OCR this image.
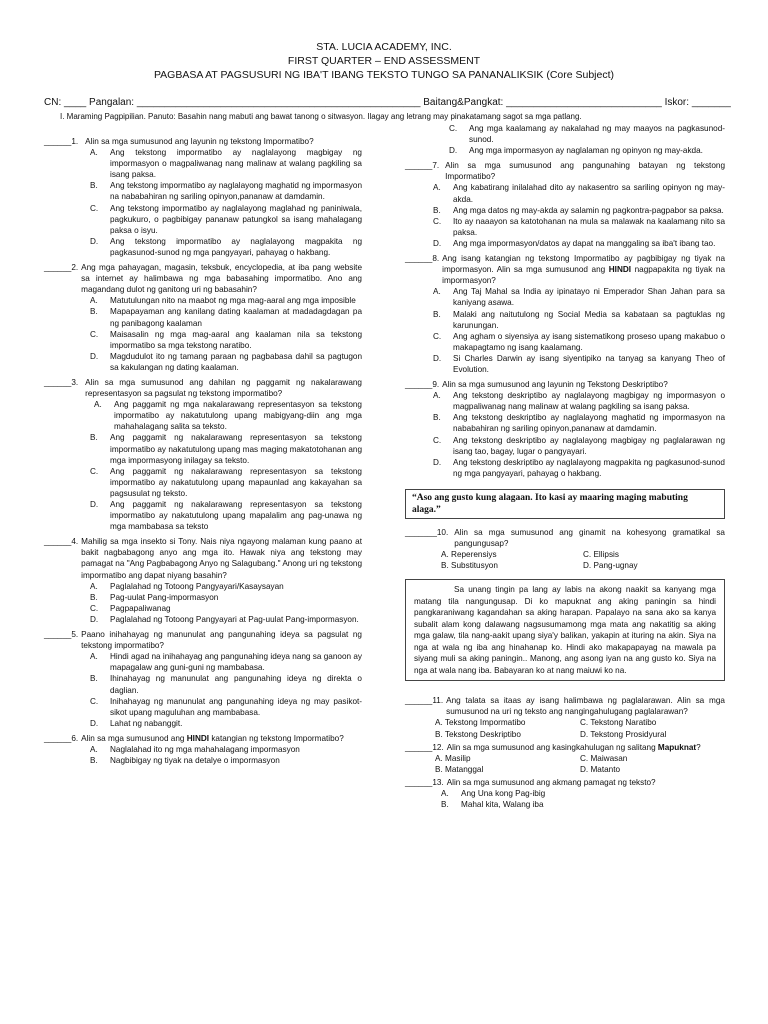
STA. LUCIA ACADEMY, INC.
FIRST QUARTER – END ASSESSMENT
PAGBASA AT PAGSUSURI NG IBA'T IBANG TEKSTO TUNGO SA PANANALIKSIK (Core Subject)
CN: ____ Pangalan: ___________________________________________________ Baitang&Pangkat: ____________________________ Iskor: _______
I. Maraming Pagpipilian. Panuto: Basahin nang mabuti ang bawat tanong o sitwasyon. Ilagay ang letrang may pinakatamang sagot sa mga patlang.
______1. Alin sa mga sumusunod ang layunin ng tekstong Impormatibo?
A.	Ang tekstong impormatibo ay naglalayong magbigay ng impormasyon o magpaliwanag nang malinaw at walang pagkiling sa isang paksa.
B.	Ang tekstong impormatibo ay naglalayong maghatid ng impormasyon na nababahiran ng sariling opinyon,pananaw at damdamin.
C.	Ang tekstong impormatibo ay naglalayong maglahad ng paniniwala, pagkukuro, o pagbibigay pananaw patungkol sa isang mahalagang paksa o isyu.
D.	Ang tekstong impormatibo ay naglalayong magpakita ng pagkasunod-sunod ng mga pangyayari, pahayag o hakbang.
______2. Ang mga pahayagan, magasin, teksbuk, encyclopedia, at iba pang website sa internet ay halimbawa ng mga babasahing impormatibo. Ano ang magandang dulot ng ganitong uri ng babasahin?
A.	Matutulungan nito na maabot ng mga mag-aaral ang mga imposible
B.	Mapapayaman ang kanilang dating kaalaman at madadagdagan pa ng panibagong kaalaman
C.	Maisasalin ng mga mag-aaral ang kaalaman nila sa tekstong impormatibo sa mga tekstong naratibo.
D.	Magdudulot ito ng tamang paraan ng pagbabasa dahil sa pagtugon sa kakulangan ng dating kaalaman.
______3. Alin sa mga sumusunod ang dahilan ng paggamit ng nakalarawang representasyon sa pagsulat ng tekstong impormatibo?
A.	Ang paggamit ng mga nakalarawang representasyon sa tekstong impormatibo ay nakatutulong upang mabigyang-diin ang mga mahahalagang salita sa teksto.
B.	Ang paggamit ng nakalarawang representasyon sa tekstong impormatibo ay nakatutulong upang mas maging makatotohanan ang mga impormasyong inilagay sa teksto.
C.	Ang paggamit ng nakalarawang representasyon sa tekstong impormatibo ay nakatutulong upang mapaunlad ang kakayahan sa pagsusulat ng teksto.
D.	Ang paggamit ng nakalarawang representasyon sa tekstong impormatibo ay nakatutulong upang mapalalim ang pag-unawa ng mga mambabasa sa teksto
______4. Mahilig sa mga insekto si Tony. Nais niya ngayong malaman kung paano at bakit nagbabagong anyo ang mga ito. Hawak niya ang tekstong may pamagat na "Ang Pagbabagong Anyo ng Salagubang." Anong uri ng tekstong impormatibo ang dapat niyang basahin?
A.	Paglalahad ng Totoong Pangyayari/Kasaysayan
B.	Pag-uulat Pang-impormasyon
C.	Pagpapaliwanag
D.	Paglalahad ng Totoong Pangyayari at Pag-uulat Pang-impormasyon.
______5. Paano inihahayag ng manunulat ang pangunahing ideya sa pagsulat ng tekstong impormatibo?
A.	Hindi agad na inihahayag ang pangunahing ideya nang sa ganoon ay mapagalaw ang guni-guni ng mambabasa.
B.	Ihinahayag ng manunulat ang pangunahing ideya ng direkta o daglian.
C.	Inihahayag ng manunulat ang pangunahing ideya ng may pasikot-sikot upang maguluhan ang mambabasa.
D.	Lahat ng nabanggit.
______6. Alin sa mga sumusunod ang HINDI katangian ng tekstong Impormatibo?
A.	Naglalahad ito ng mga mahahalagang impormasyon
B.	Nagbibigay ng tiyak na detalye o impormasyon
C.	Ang mga kaalamang ay nakalahad ng may maayos na pagkasunod-sunod.
D.	Ang mga impormasyon ay naglalaman ng opinyon ng may-akda.
______7. Alin sa mga sumusunod ang pangunahing batayan ng tekstong Impormatibo?
A.	Ang kabatirang inilalahad dito ay nakasentro sa sariling opinyon ng may-akda.
B.	Ang mga datos ng may-akda ay salamin ng pagkontra-pagpabor sa paksa.
C.	Ito ay naaayon sa katotohanan na mula sa malawak na kaalamang nito sa paksa.
D.	Ang mga impormasyon/datos ay dapat na manggaling sa iba't ibang tao.
______8. Ang isang katangian ng tekstong Impormatibo ay pagbibigay ng tiyak na impormasyon. Alin sa mga sumusunod ang HINDI nagpapakita ng tiyak na impormasyon?
A.	Ang Taj Mahal sa India ay ipinatayo ni Emperador Shan Jahan para sa kaniyang asawa.
B.	Malaki ang naitutulong ng Social Media sa kabataan sa pagtuklas ng karunungan.
C.	Ang agham o siyensiya ay isang sistematikong proseso upang makabuo o makapagtamo ng isang kaalamang.
D.	Si Charles Darwin ay isang siyentipiko na tanyag sa kanyang Theo of Evolution.
______9. Alin sa mga sumusunod ang layunin ng Tekstong Deskriptibo?
A.	Ang tekstong deskriptibo ay naglalayong magbigay ng impormasyon o magpaliwanag nang malinaw at walang pagkiling sa isang paksa.
B.	Ang tekstong deskriptibo ay naglalayong maghatid ng impormasyon na nababahiran ng sariling opinyon,pananaw at damdamin.
C.	Ang tekstong deskriptibo ay naglalayong magbigay ng paglalarawan ng isang tao, bagay, lugar o pangyayari.
D.	Ang tekstong deskriptibo ay naglalayong magpakita ng pagkasunod-sunod ng mga pangyayari, pahayag o hakbang.
“Aso ang gusto kung alagaan. Ito kasi ay maaring maging mabuting alaga.”
_______10. Alin sa mga sumusunod ang ginamit na kohesyong gramatikal sa pangungusap?
A. Reperensiys	C. Ellipsis
B. Substitusyon	D. Pang-ugnay
Sa unang tingin pa lang ay labis na akong naakit sa kanyang mga matang tila nangungusap. Di ko mapuknat ang aking paningin sa hindi pangkaraniwang kagandahan sa aking harapan. Papalayo na sana ako sa kanya subalit alam kong dalawang nagsusumamong mga mata ang nakatitig sa aking mga galaw, tila nang-aakit upang siya'y balikan, yakapin at ituring na akin. Siya na nga at wala ng iba ang hinahanap ko. Hindi ako makapapayag na mawala pa siyang muli sa aking paningin.. Manong, ang asong iyan na ang gusto ko. Siya na nga at wala nang iba. Babayaran ko at nang maiuwi ko na.
______11. Ang talata sa itaas ay isang halimbawa ng paglalarawan. Alin sa mga sumusunod na uri ng teksto ang nangingahulugang paglalarawan?
A. Tekstong Impormatibo	C. Tekstong Naratibo
B. Tekstong Deskriptibo	D. Tekstong Prosidyural
______12. Alin sa mga sumusunod ang kasingkahulugan ng salitang Mapuknat?
A. Masilip	C. Maiwasan
B. Matanggal	D. Matanto
______13. Alin sa mga sumusunod ang akmang pamagat ng teksto?
A.	Ang Una kong Pag-ibig
B.	Mahal kita, Walang iba
